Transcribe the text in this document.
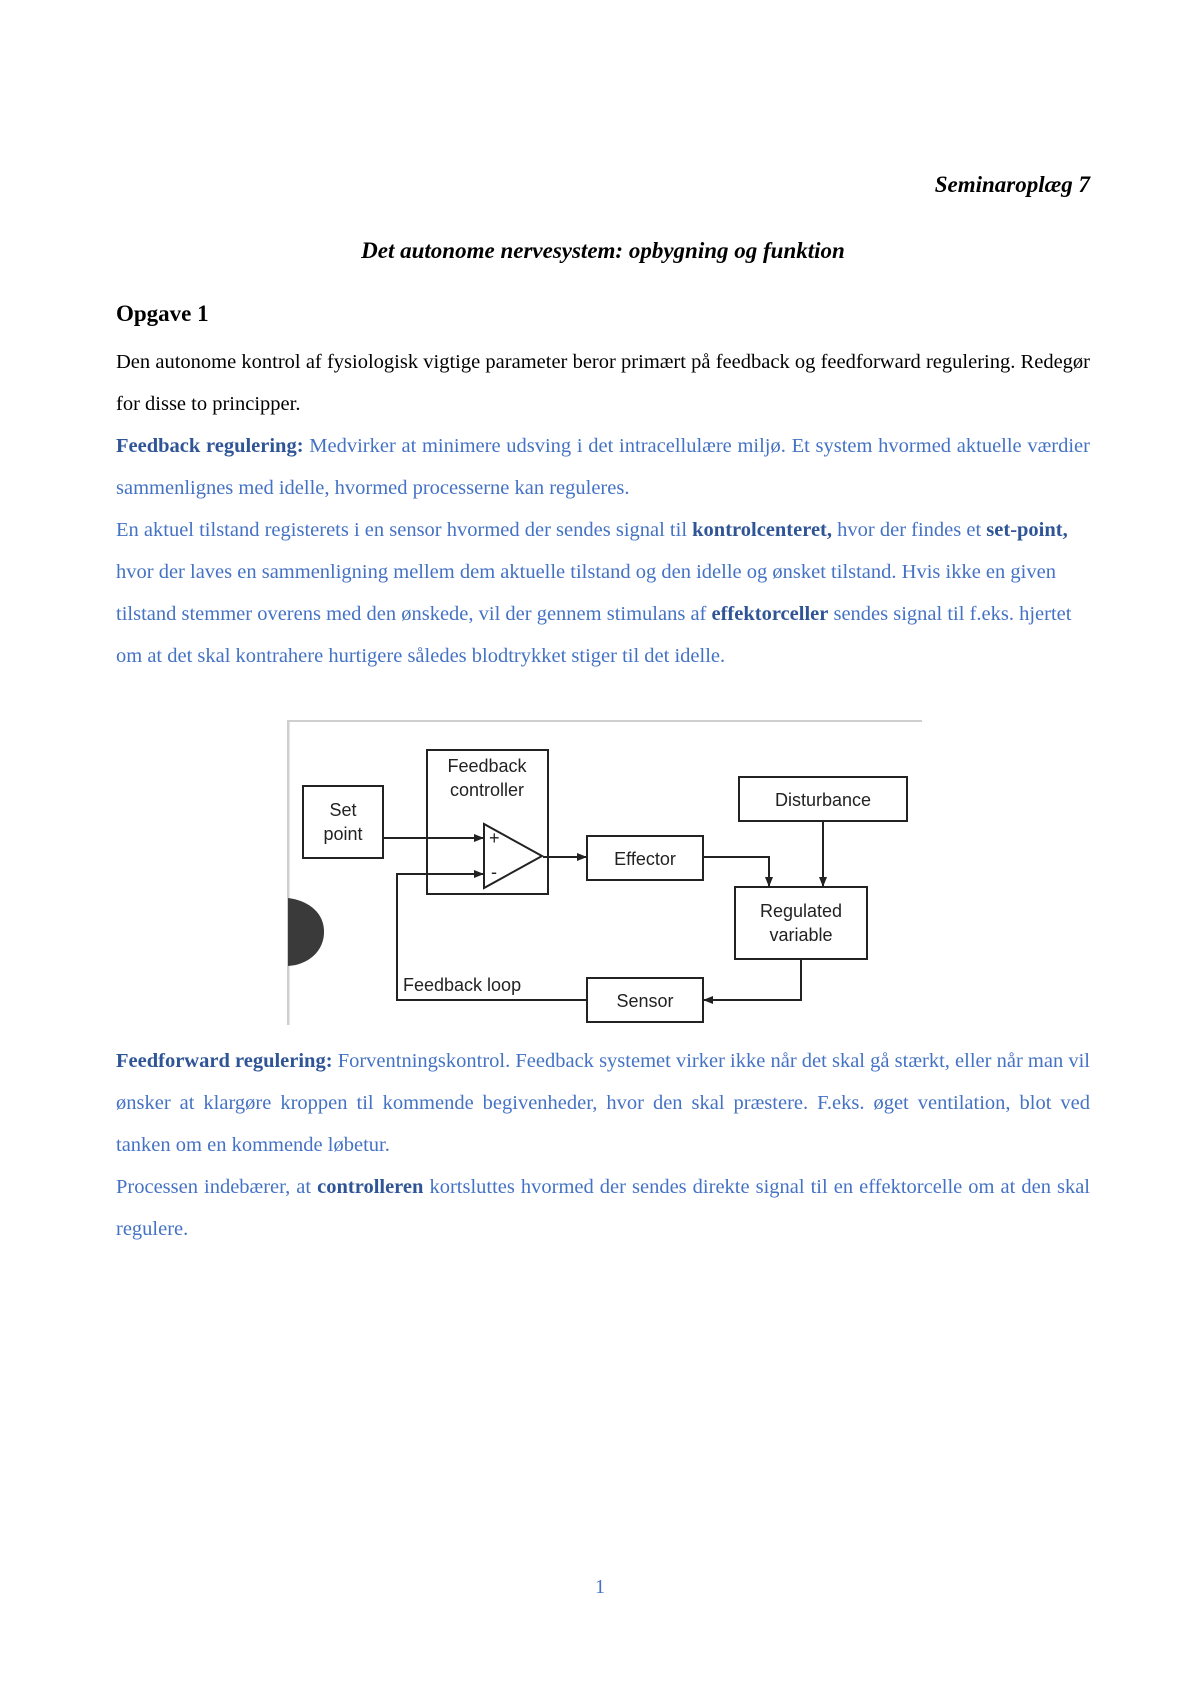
Seminaroplæg 7
Det autonome nervesystem: opbygning og funktion
Opgave 1

Den autonome kontrol af fysiologisk vigtige parameter beror primært på feedback og feedforward regulering. Redegør for disse to principper.

Feedback regulering: Medvirker at minimere udsving i det intracellulære miljø. Et system hvormed aktuelle værdier sammenlignes med idelle, hvormed processerne kan reguleres.

En aktuel tilstand registerets i en sensor hvormed der sendes signal til kontrolcenteret, hvor der findes et set-point, hvor der laves en sammenligning mellem dem aktuelle tilstand og den idelle og ønsket tilstand. Hvis ikke en given tilstand stemmer overens med den ønskede, vil der gennem stimulans af effektorceller sendes signal til f.eks. hjertet om at det skal kontrahere hurtigere således blodtrykket stiger til det idelle.

Set
point
Feedback
controller
+
-
Effector
Disturbance
Regulated
variable
Sensor
Feedback loop

Feedforward regulering: Forventningskontrol. Feedback systemet virker ikke når det skal gå stærkt, eller når man vil ønsker at klargøre kroppen til kommende begivenheder, hvor den skal præstere. F.eks. øget ventilation, blot ved tanken om en kommende løbetur.

Processen indebærer, at controlleren kortsluttes hvormed der sendes direkte signal til en effektorcelle om at den skal regulere.

1
